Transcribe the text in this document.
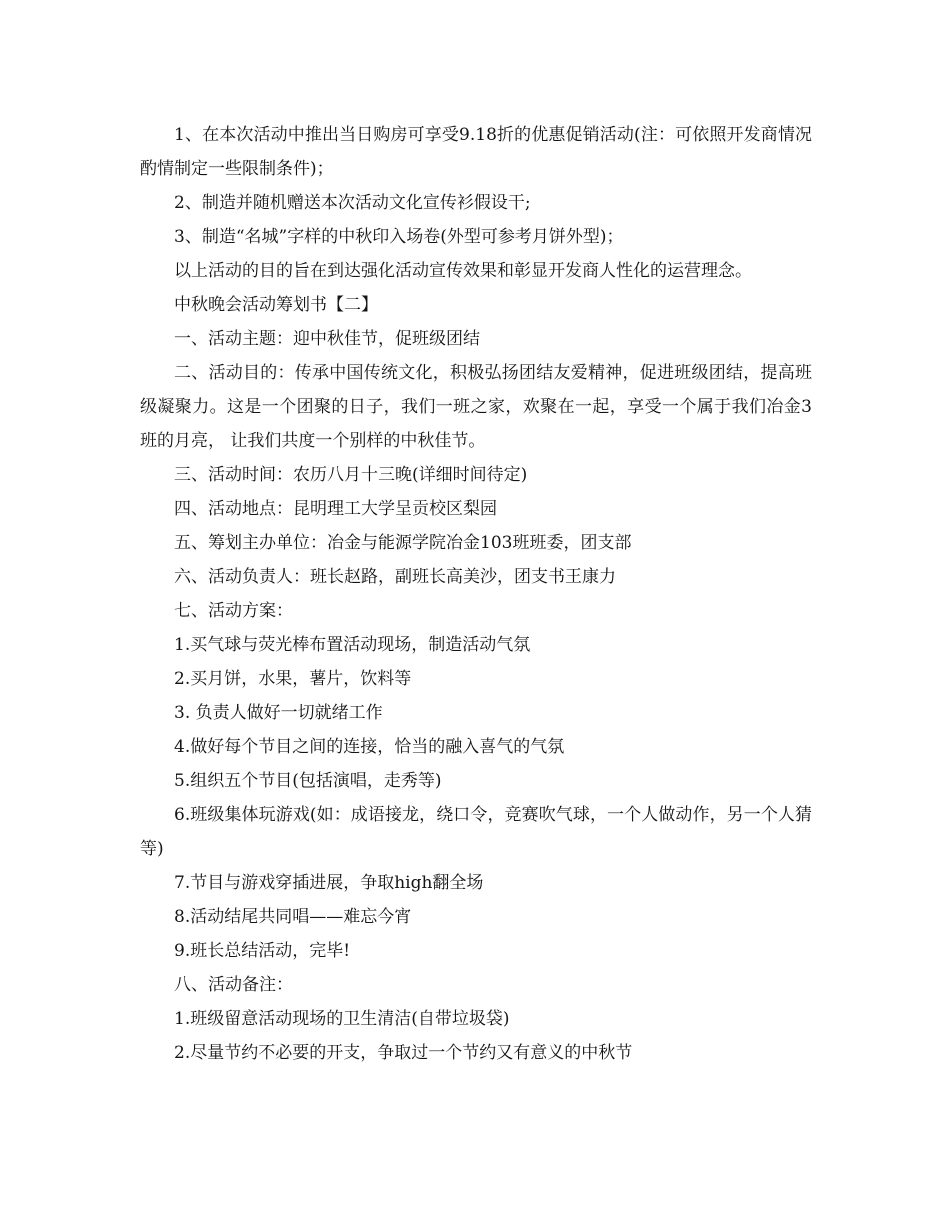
1、在本次活动中推出当日购房可享受9.18折的优惠促销活动(注：可依照开发商情况酌情制定一些限制条件)；

2、制造并随机赠送本次活动文化宣传衫假设干;

3、制造“名城”字样的中秋印入场卷(外型可参考月饼外型)；

以上活动的目的旨在到达强化活动宣传效果和彰显开发商人性化的运营理念。

中秋晚会活动筹划书【二】

一、活动主题：迎中秋佳节，促班级团结

二、活动目的：传承中国传统文化，积极弘扬团结友爱精神，促进班级团结，提高班级凝聚力。这是一个团聚的日子，我们一班之家，欢聚在一起，享受一个属于我们冶金3班的月亮， 让我们共度一个别样的中秋佳节。

三、活动时间：农历八月十三晚(详细时间待定)

四、活动地点：昆明理工大学呈贡校区梨园

五、筹划主办单位：冶金与能源学院冶金103班班委，团支部

六、活动负责人：班长赵路，副班长高美沙，团支书王康力

七、活动方案：

1.买气球与荧光棒布置活动现场，制造活动气氛

2.买月饼，水果，薯片，饮料等

3. 负责人做好一切就绪工作

4.做好每个节目之间的连接，恰当的融入喜气的气氛

5.组织五个节目(包括演唱，走秀等)

6.班级集体玩游戏(如：成语接龙，绕口令，竞赛吹气球，一个人做动作，另一个人猜等)

7.节目与游戏穿插进展，争取high翻全场

8.活动结尾共同唱——难忘今宵

9.班长总结活动，完毕!

八、活动备注：

1.班级留意活动现场的卫生清洁(自带垃圾袋)

2.尽量节约不必要的开支，争取过一个节约又有意义的中秋节
